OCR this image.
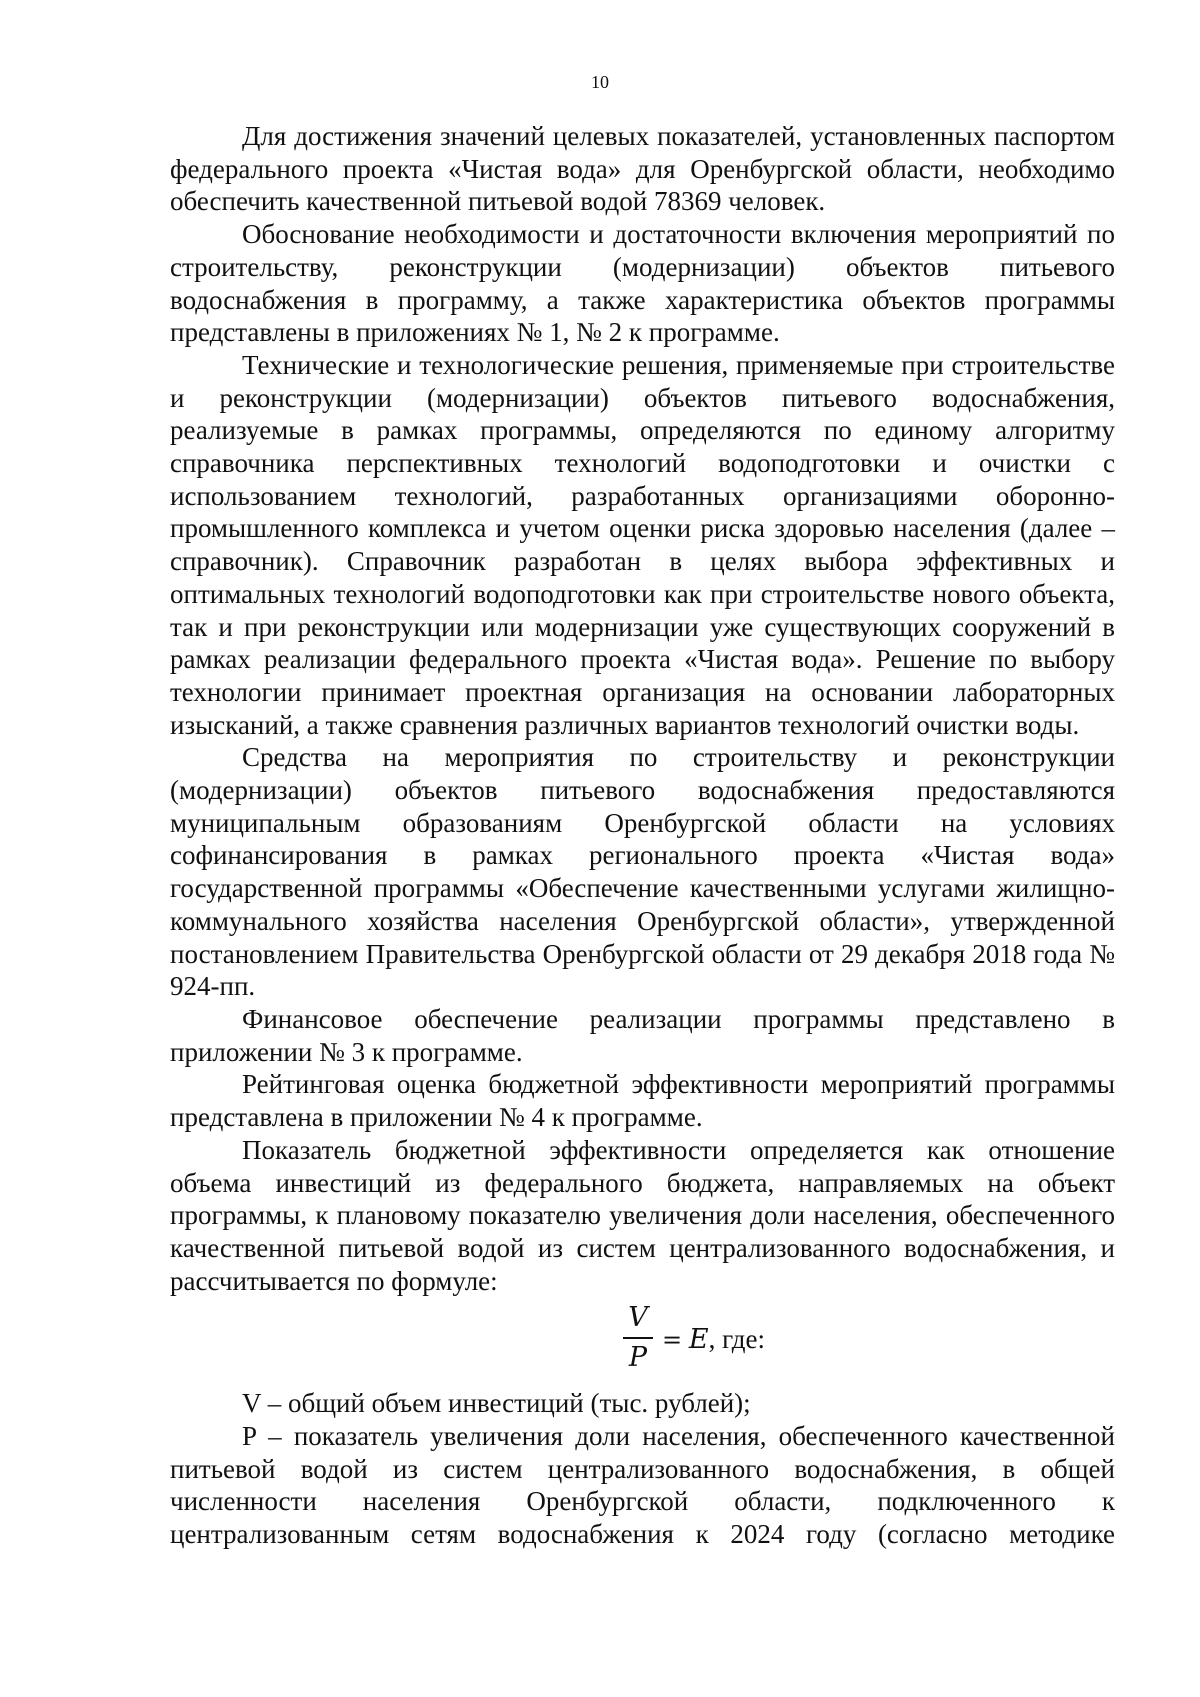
10

Для достижения значений целевых показателей, установленных паспортом федерального проекта «Чистая вода» для Оренбургской области, необходимо обеспечить качественной питьевой водой 78369 человек.

Обоснование необходимости и достаточности включения мероприятий по строительству, реконструкции (модернизации) объектов питьевого водоснабжения в программу, а также характеристика объектов программы представлены в приложениях № 1, № 2 к программе.

Технические и технологические решения, применяемые при строительстве и реконструкции (модернизации) объектов питьевого водоснабжения, реализуемые в рамках программы, определяются по единому алгоритму справочника перспективных технологий водоподготовки и очистки с использованием технологий, разработанных организациями оборонно-промышленного комплекса и учетом оценки риска здоровью населения (далее – справочник). Справочник разработан в целях выбора эффективных и оптимальных технологий водоподготовки как при строительстве нового объекта, так и при реконструкции или модернизации уже существующих сооружений в рамках реализации федерального проекта «Чистая вода». Решение по выбору технологии принимает проектная организация на основании лабораторных изысканий, а также сравнения различных вариантов технологий очистки воды.

Средства на мероприятия по строительству и реконструкции (модернизации) объектов питьевого водоснабжения предоставляются муниципальным образованиям Оренбургской области на условиях софинансирования в рамках регионального проекта «Чистая вода» государственной программы «Обеспечение качественными услугами жилищно-коммунального хозяйства населения Оренбургской области», утвержденной постановлением Правительства Оренбургской области от 29 декабря 2018 года № 924-пп.

Финансовое обеспечение реализации программы представлено в приложении № 3 к программе.

Рейтинговая оценка бюджетной эффективности мероприятий программы представлена в приложении № 4 к программе.

Показатель бюджетной эффективности определяется как отношение объема инвестиций из федерального бюджета, направляемых на объект программы, к плановому показателю увеличения доли населения, обеспеченного качественной питьевой водой из систем централизованного водоснабжения, и рассчитывается по формуле:

V
P
= E, где:

V – общий объем инвестиций (тыс. рублей);

P – показатель увеличения доли населения, обеспеченного качественной питьевой водой из систем централизованного водоснабжения, в общей численности населения Оренбургской области, подключенного к централизованным сетям водоснабжения к 2024 году (согласно методике
